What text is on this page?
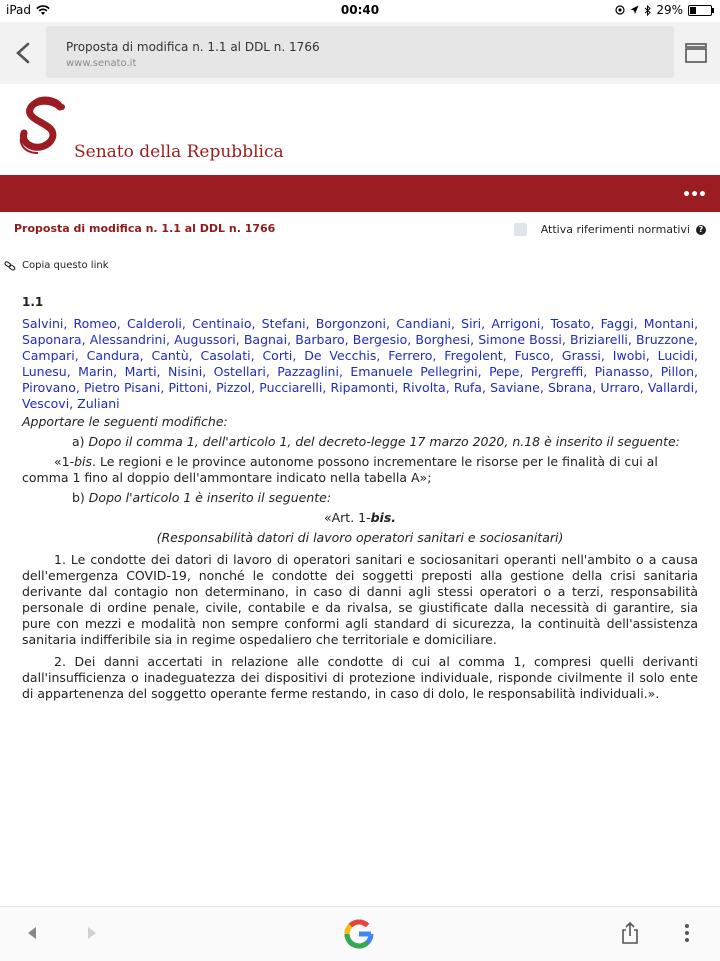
iPad	00:40	29%
Proposta di modifica n. 1.1 al DDL n. 1766
www.senato.it
Senato della Repubblica
•••
Proposta di modifica n. 1.1 al DDL n. 1766	Attiva riferimenti normativi	?
Copia questo link
1.1
Salvini, Romeo, Calderoli, Centinaio, Stefani, Borgonzoni, Candiani, Siri, Arrigoni, Tosato, Faggi, Montani, Saponara, Alessandrini, Augussori, Bagnai, Barbaro, Bergesio, Borghesi, Simone Bossi, Briziarelli, Bruzzone, Campari, Candura, Cantù, Casolati, Corti, De Vecchis, Ferrero, Fregolent, Fusco, Grassi, Iwobi, Lucidi, Lunesu, Marin, Marti, Nisini, Ostellari, Pazzaglini, Emanuele Pellegrini, Pepe, Pergreffi, Pianasso, Pillon, Pirovano, Pietro Pisani, Pittoni, Pizzol, Pucciarelli, Ripamonti, Rivolta, Rufa, Saviane, Sbrana, Urraro, Vallardi, Vescovi, Zuliani

Apportare le seguenti modifiche:

a) Dopo il comma 1, dell'articolo 1, del decreto-legge 17 marzo 2020, n.18 è inserito il seguente:

«1-bis. Le regioni e le province autonome possono incrementare le risorse per le finalità di cui al comma 1 fino al doppio dell'ammontare indicato nella tabella A»;

b) Dopo l'articolo 1 è inserito il seguente:

«Art. 1-bis.

(Responsabilità datori di lavoro operatori sanitari e sociosanitari)

1. Le condotte dei datori di lavoro di operatori sanitari e sociosanitari operanti nell'ambito o a causa dell'emergenza COVID-19, nonché le condotte dei soggetti preposti alla gestione della crisi sanitaria derivante dal contagio non determinano, in caso di danni agli stessi operatori o a terzi, responsabilità personale di ordine penale, civile, contabile e da rivalsa, se giustificate dalla necessità di garantire, sia pure con mezzi e modalità non sempre conformi agli standard di sicurezza, la continuità dell'assistenza sanitaria indifferibile sia in regime ospedaliero che territoriale e domiciliare.

2. Dei danni accertati in relazione alle condotte di cui al comma 1, compresi quelli derivanti dall'insufficienza o inadeguatezza dei dispositivi di protezione individuale, risponde civilmente il solo ente di appartenenza del soggetto operante ferme restando, in caso di dolo, le responsabilità individuali.».
